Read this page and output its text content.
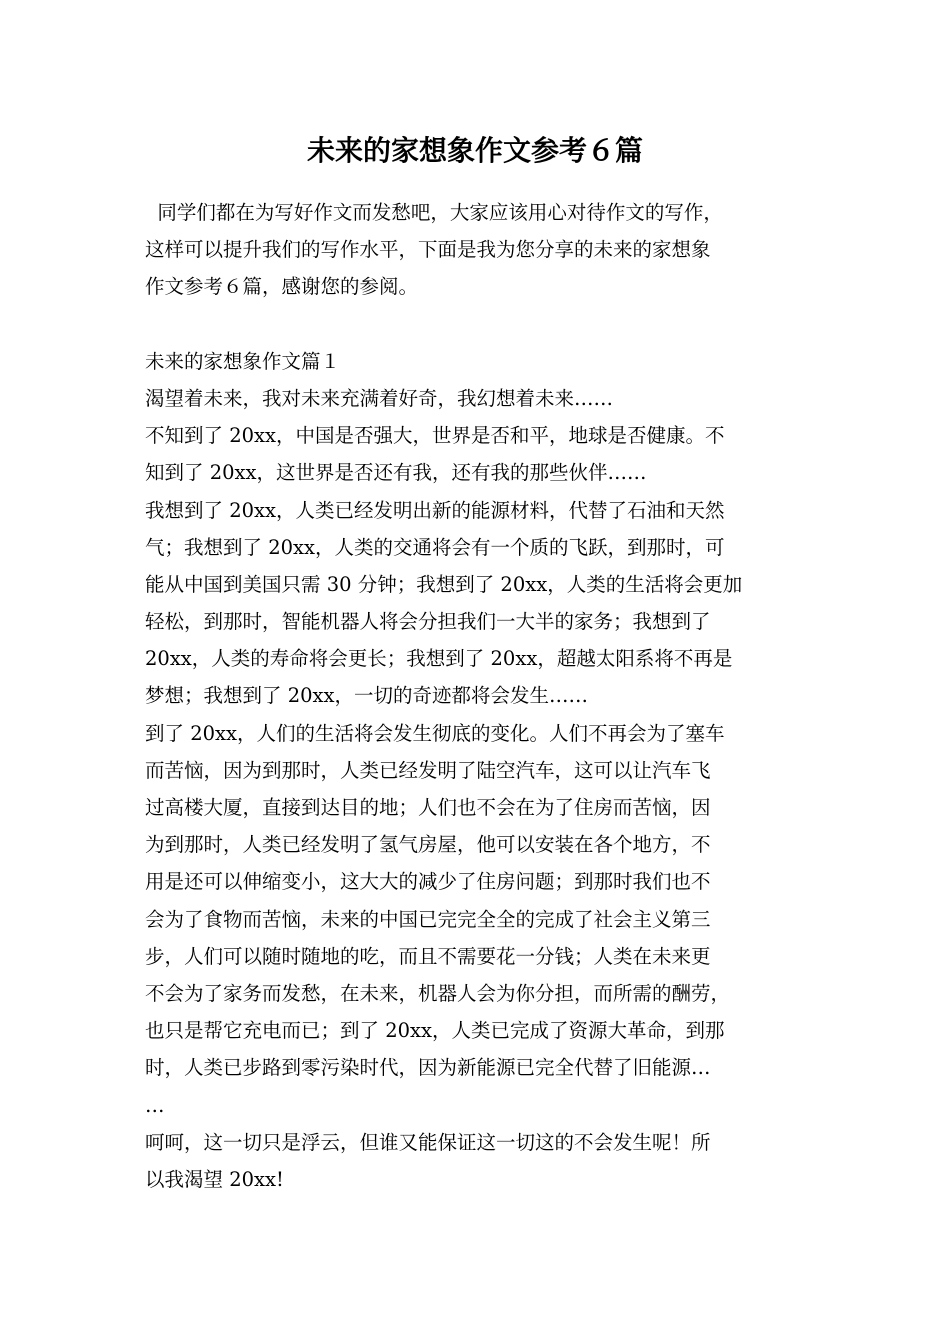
未来的家想象作文参考６篇
同学们都在为写好作文而发愁吧，大家应该用心对待作文的写作，
这样可以提升我们的写作水平，下面是我为您分享的未来的家想象
作文参考６篇，感谢您的参阅。
未来的家想象作文篇１
渴望着未来，我对未来充满着好奇，我幻想着未来……
不知到了 20xx，中国是否强大，世界是否和平，地球是否健康。不
知到了 20xx，这世界是否还有我，还有我的那些伙伴……
我想到了 20xx，人类已经发明出新的能源材料，代替了石油和天然
气；我想到了 20xx，人类的交通将会有一个质的飞跃，到那时，可
能从中国到美国只需 30 分钟；我想到了 20xx，人类的生活将会更加
轻松，到那时，智能机器人将会分担我们一大半的家务；我想到了
20xx，人类的寿命将会更长；我想到了 20xx，超越太阳系将不再是
梦想；我想到了 20xx，一切的奇迹都将会发生……
到了 20xx，人们的生活将会发生彻底的变化。人们不再会为了塞车
而苦恼，因为到那时，人类已经发明了陆空汽车，这可以让汽车飞
过高楼大厦，直接到达目的地；人们也不会在为了住房而苦恼，因
为到那时，人类已经发明了氢气房屋，他可以安装在各个地方，不
用是还可以伸缩变小，这大大的减少了住房问题；到那时我们也不
会为了食物而苦恼，未来的中国已完完全全的完成了社会主义第三
步，人们可以随时随地的吃，而且不需要花一分钱；人类在未来更
不会为了家务而发愁，在未来，机器人会为你分担，而所需的酬劳，
也只是帮它充电而已；到了 20xx，人类已完成了资源大革命，到那
时，人类已步路到零污染时代，因为新能源已完全代替了旧能源…
…
呵呵，这一切只是浮云，但谁又能保证这一切这的不会发生呢！所
以我渴望 20xx!
